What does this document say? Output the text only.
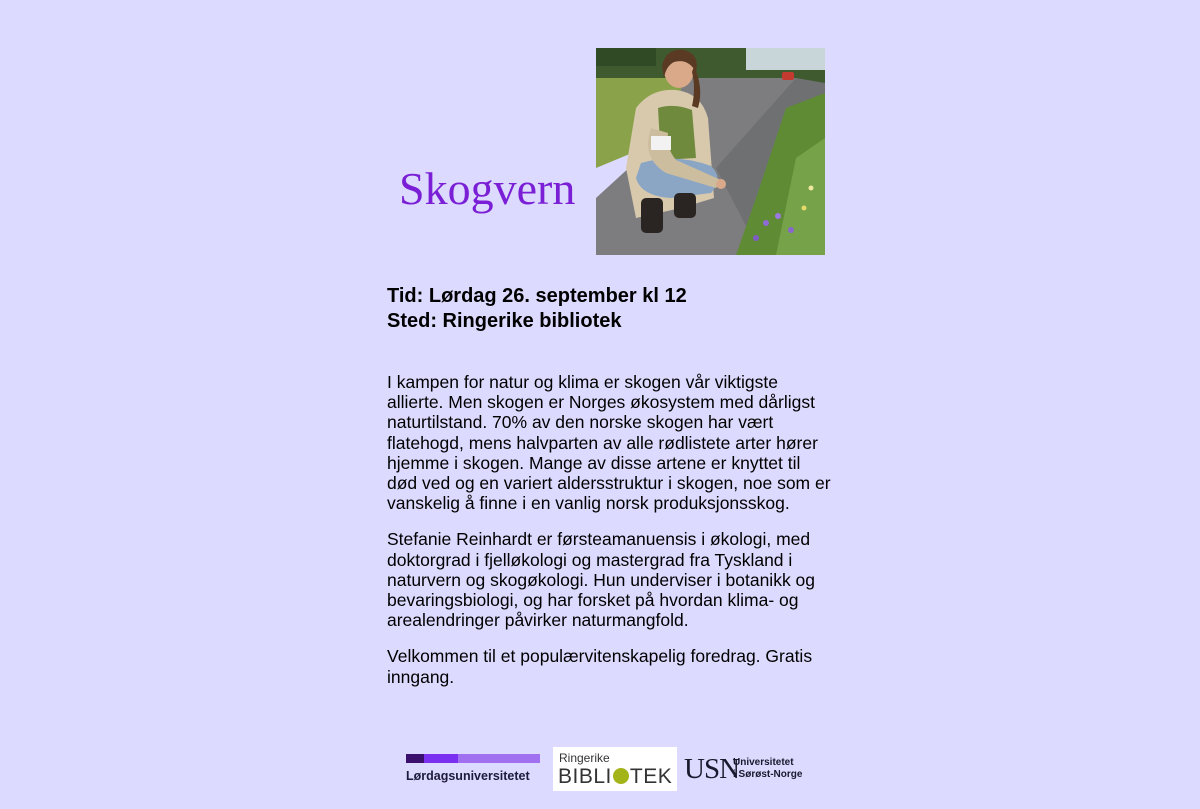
Skogvern
Tid: Lørdag 26. september kl 12
Sted: Ringerike bibliotek

I kampen for natur og klima er skogen vår viktigste allierte. Men skogen er Norges økosystem med dårligst naturtilstand. 70% av den norske skogen har vært flatehogd, mens halvparten av alle rødlistete arter hører hjemme i skogen. Mange av disse artene er knyttet til død ved og en variert aldersstruktur i skogen, noe som er vanskelig å finne i en vanlig norsk produksjonsskog.

Stefanie Reinhardt er førsteamanuensis i økologi, med doktorgrad i fjelløkologi og mastergrad fra Tyskland i naturvern og skogøkologi. Hun underviser i botanikk og bevaringsbiologi, og har forsket på hvordan klima- og arealendringer påvirker naturmangfold.

Velkommen til et populærvitenskapelig foredrag. Gratis inngang.

Lørdagsuniversitetet
Ringerike
BIBLI TEK USN
Universitetet
i Sørøst-Norge
